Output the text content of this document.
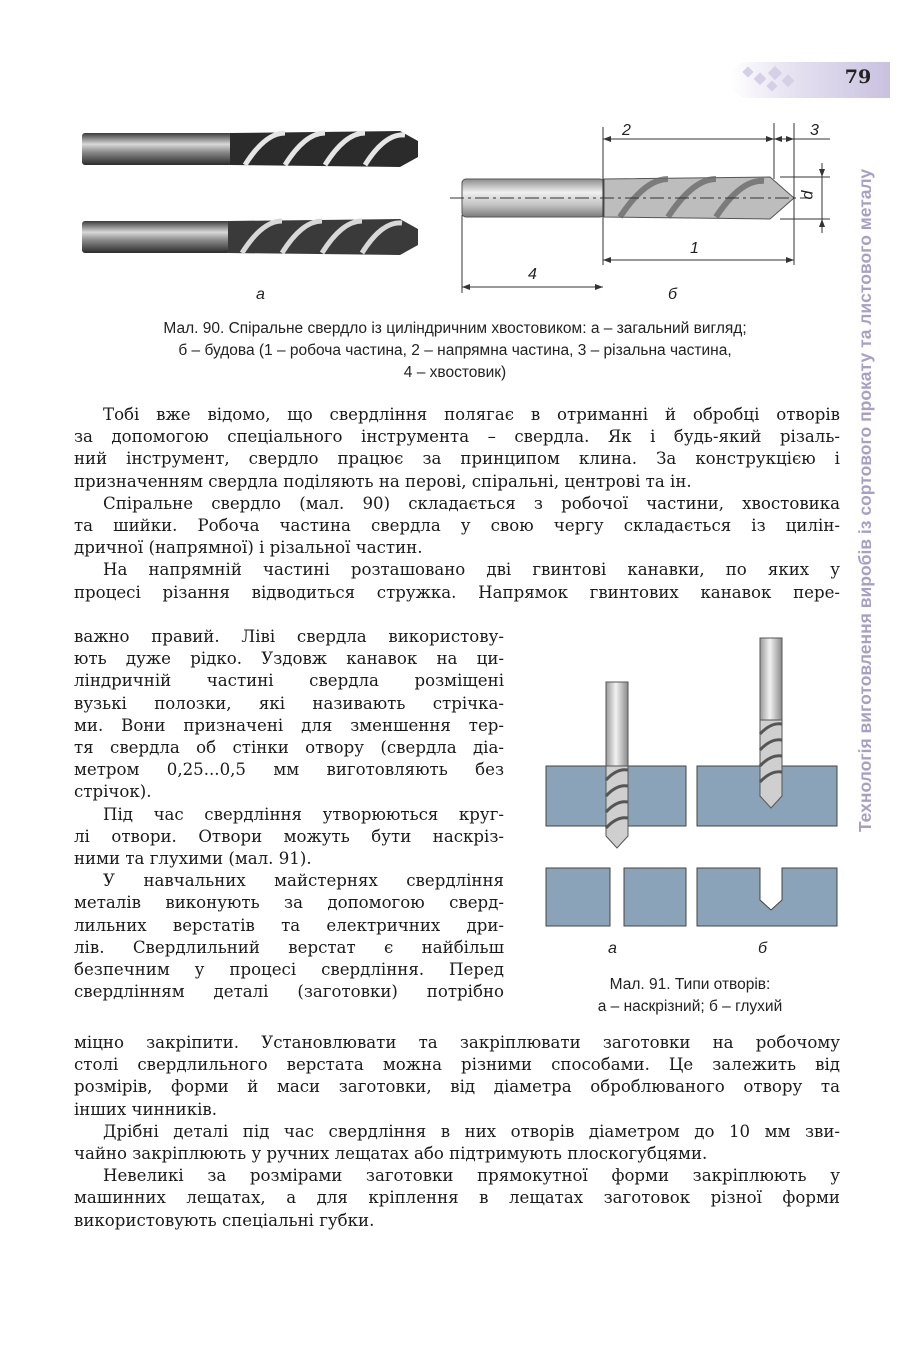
79
Технологія виготовлення виробів із сортового прокату та листового металу
2	3
1
4
d
а	б
Мал. 90. Спіральне свердло із циліндричним хвостовиком: а – загальний вигляд;
б – будова (1 – робоча частина, 2 – напрямна частина, 3 – різальна частина,
4 – хвостовик)

Тобі вже відомо, що свердління полягає в отриманні й обробці отворів
за допомогою спеціального інструмента – свердла. Як і будь-який різаль-
ний інструмент, свердло працює за принципом клина. За конструкцією і
призначенням свердла поділяють на перові, спіральні, центрові та ін.

Спіральне свердло (мал. 90) складається з робочої частини, хвостовика
та шийки. Робоча частина свердла у свою чергу складається із цилін-
дричної (напрямної) і різальної частин.

На напрямній частині розташовано дві гвинтові канавки, по яких у
процесі різання відводиться стружка. Напрямок гвинтових канавок пере-

важно правий. Ліві свердла використову-
ють дуже рідко. Уздовж канавок на ци-
ліндричній частині свердла розміщені
вузькі полозки, які називають стрічка-
ми. Вони призначені для зменшення тер-
тя свердла об стінки отвору (свердла діа-
метром 0,25...0,5 мм виготовляють без
стрічок).

Під час свердління утворюються круг-
лі отвори. Отвори можуть бути наскріз-
ними та глухими (мал. 91).

У навчальних майстернях свердління
металів виконують за допомогою сверд-
лильних верстатів та електричних дри-
лів. Свердлильний верстат є найбільш
безпечним у процесі свердління. Перед
свердлінням деталі (заготовки) потрібно

міцно закріпити. Установлювати та закріплювати заготовки на робочому
столі свердлильного верстата можна різними способами. Це залежить від
розмірів, форми й маси заготовки, від діаметра оброблюваного отвору та
інших чинників.

Дрібні деталі під час свердління в них отворів діаметром до 10 мм зви-
чайно закріплюють у ручних лещатах або підтримують плоскогубцями.

Невеликі за розмірами заготовки прямокутної форми закріплюють у
машинних лещатах, а для кріплення в лещатах заготовок різної форми
використовують спеціальні губки.

а	б
Мал. 91. Типи отворів:
а – наскрізний; б – глухий
